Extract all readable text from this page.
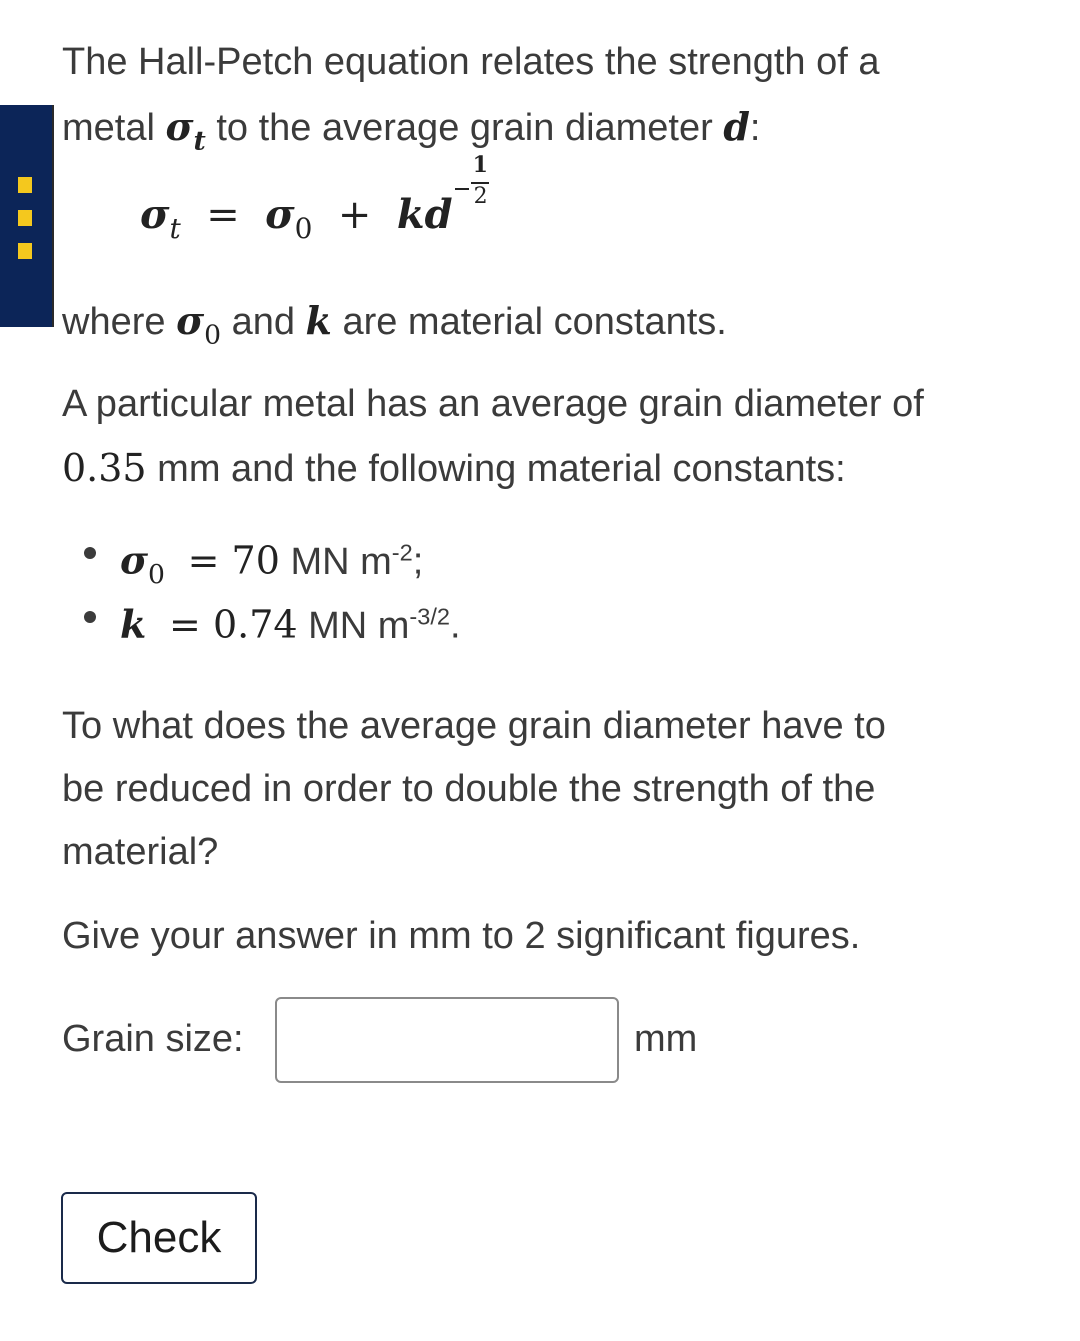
The Hall-Petch equation relates the strength of a
metal $\sigma_t$ to the average grain diameter d:
$\sigma_t = \sigma_0$ + kd $\frac{1}{2}$
where $\sigma_0$ and k are material constants.
A particular metal has an average grain diameter of
0.35 mm and the following material constants:
$\sigma_0 = 70$ MN $m^{-2}$;
k = 0.74 MN $m^{-3/2}$.
To what does the average grain diameter have to
be reduced in order to double the strength of the
material?
Give your answer in mm to 2 significant figures.
Grain size:	mm
Check
